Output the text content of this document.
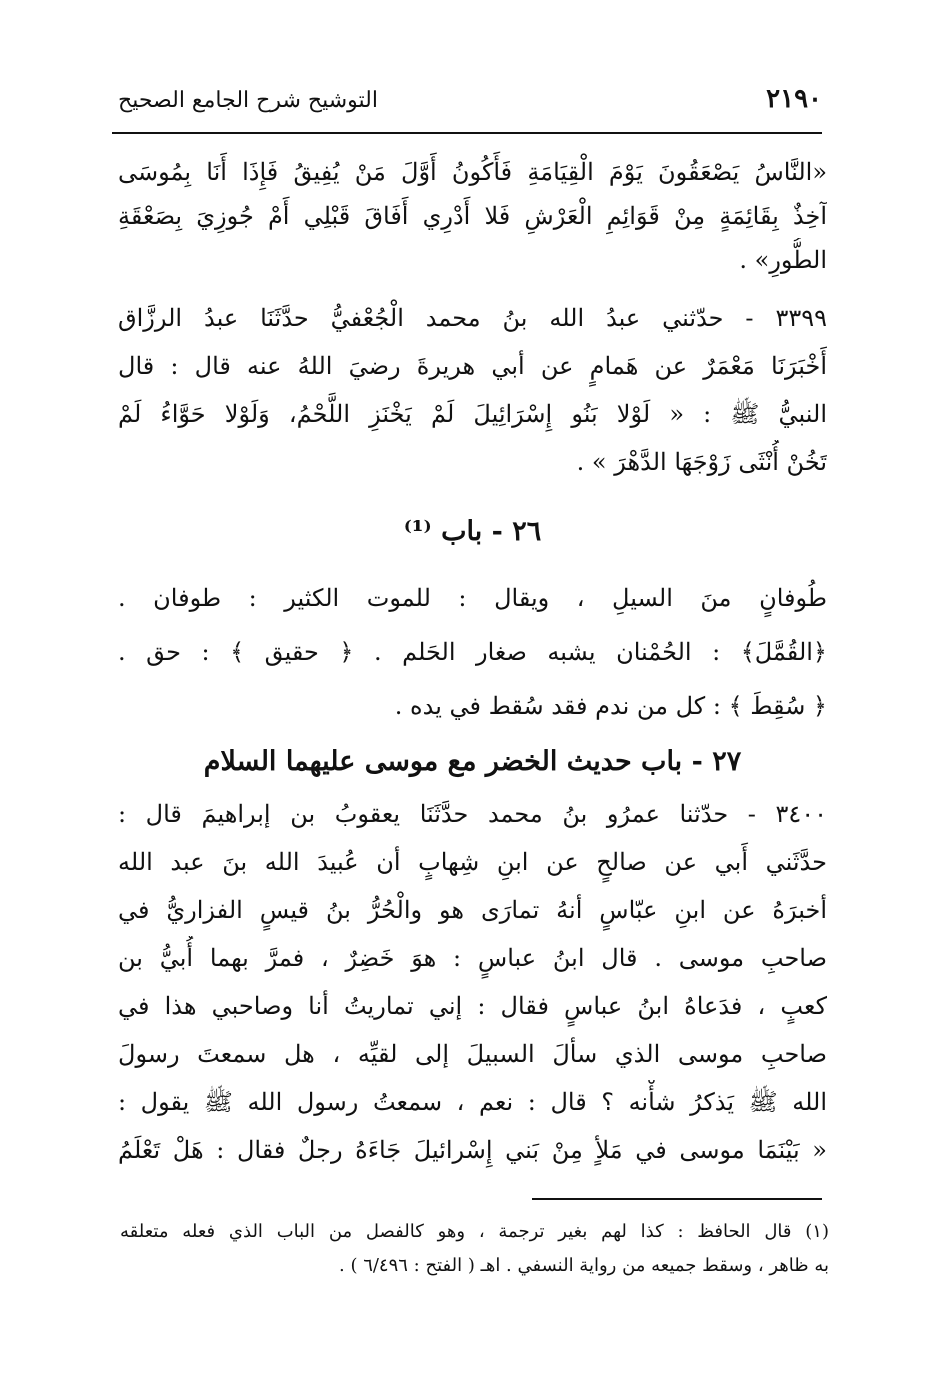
٢١٩٠
التوشيح شرح الجامع الصحيح
«النَّاسُ يَصْعَقُونَ يَوْمَ الْقِيَامَةِ فَأَكُونُ أَوَّلَ مَنْ يُفِيقُ فَإِذَا أَنَا بِمُوسَى
آخِذٌ بِقَائِمَةٍ مِنْ قَوَائِمِ الْعَرْشِ فَلا أَدْرِي أَفَاقَ قَبْلِي أَمْ جُوزِيَ بِصَعْقَةِ
الطُّورِ» .
٣٣٩٩ - حدّثني عبدُ الله بنُ محمد الْجُعْفيُّ حدَّثَنَا عبدُ الرزَّاق
أَخْبَرَنَا مَعْمَرٌ عن هَمامٍ عن أبي هريرةَ رضيَ اللهُ عنه قال : قال
النبيُّ ﷺ : « لَوْلا بَنُو إِسْرَائِيلَ لَمْ يَخْنَزِ اللَّحْمُ، وَلَوْلا حَوَّاءُ لَمْ
تَخُنْ أُنْثَى زَوْجَهَا الدَّهْرَ » .
٢٦ - باب ⁽¹⁾
طُوفانٍ منَ السيلِ ، ويقال : للموت الكثير : طوفان .
﴿القُمَّلَ﴾ : الحُمْنان يشبه صغار الحَلم . ﴿ حقيق ﴾ : حق .
﴿ سُقِطَ ﴾ : كل من ندم فقد سُقط في يده .
٢٧ - باب حديث الخضر مع موسى عليهما السلام
٣٤٠٠ - حدّثنا عمرُو بنُ محمد حدَّثَنَا يعقوبُ بن إبراهيمَ قال :
حدَّثَني أَبي عن صالحٍ عن ابنِ شِهابٍ أن عُبيدَ الله بنَ عبد الله
أخبرَهُ عن ابنِ عبّاسٍ أنهُ تمارَى هو والْحُرُّ بنُ قيسٍ الفزاريُّ في
صاحبِ موسى . قال ابنُ عباسٍ : هوَ خَضِرٌ ، فمرَّ بهما أُبيُّ بن
كعبٍ ، فدَعاهُ ابنُ عباسٍ فقال : إني تماريتُ أنا وصاحبي هذا في
صاحبِ موسى الذي سألَ السبيلَ إلى لقيِّه ، هل سمعتَ رسولَ
الله ﷺ يَذكرُ شأْنه ؟ قال : نعم ، سمعتُ رسول الله ﷺ يقول :
« بَيْنَمَا موسى في مَلأٍ مِنْ بَني إِسْرائيلَ جَاءَهُ رجلٌ فقال : هَلْ تَعْلَمُ
(١) قال الحافظ : كذا لهم بغير ترجمة ، وهو كالفصل من الباب الذي فعله متعلقه
به ظاهر ، وسقط جميعه من رواية النسفي . اهـ ( الفتح : ٦/٤٩٦ ) .
